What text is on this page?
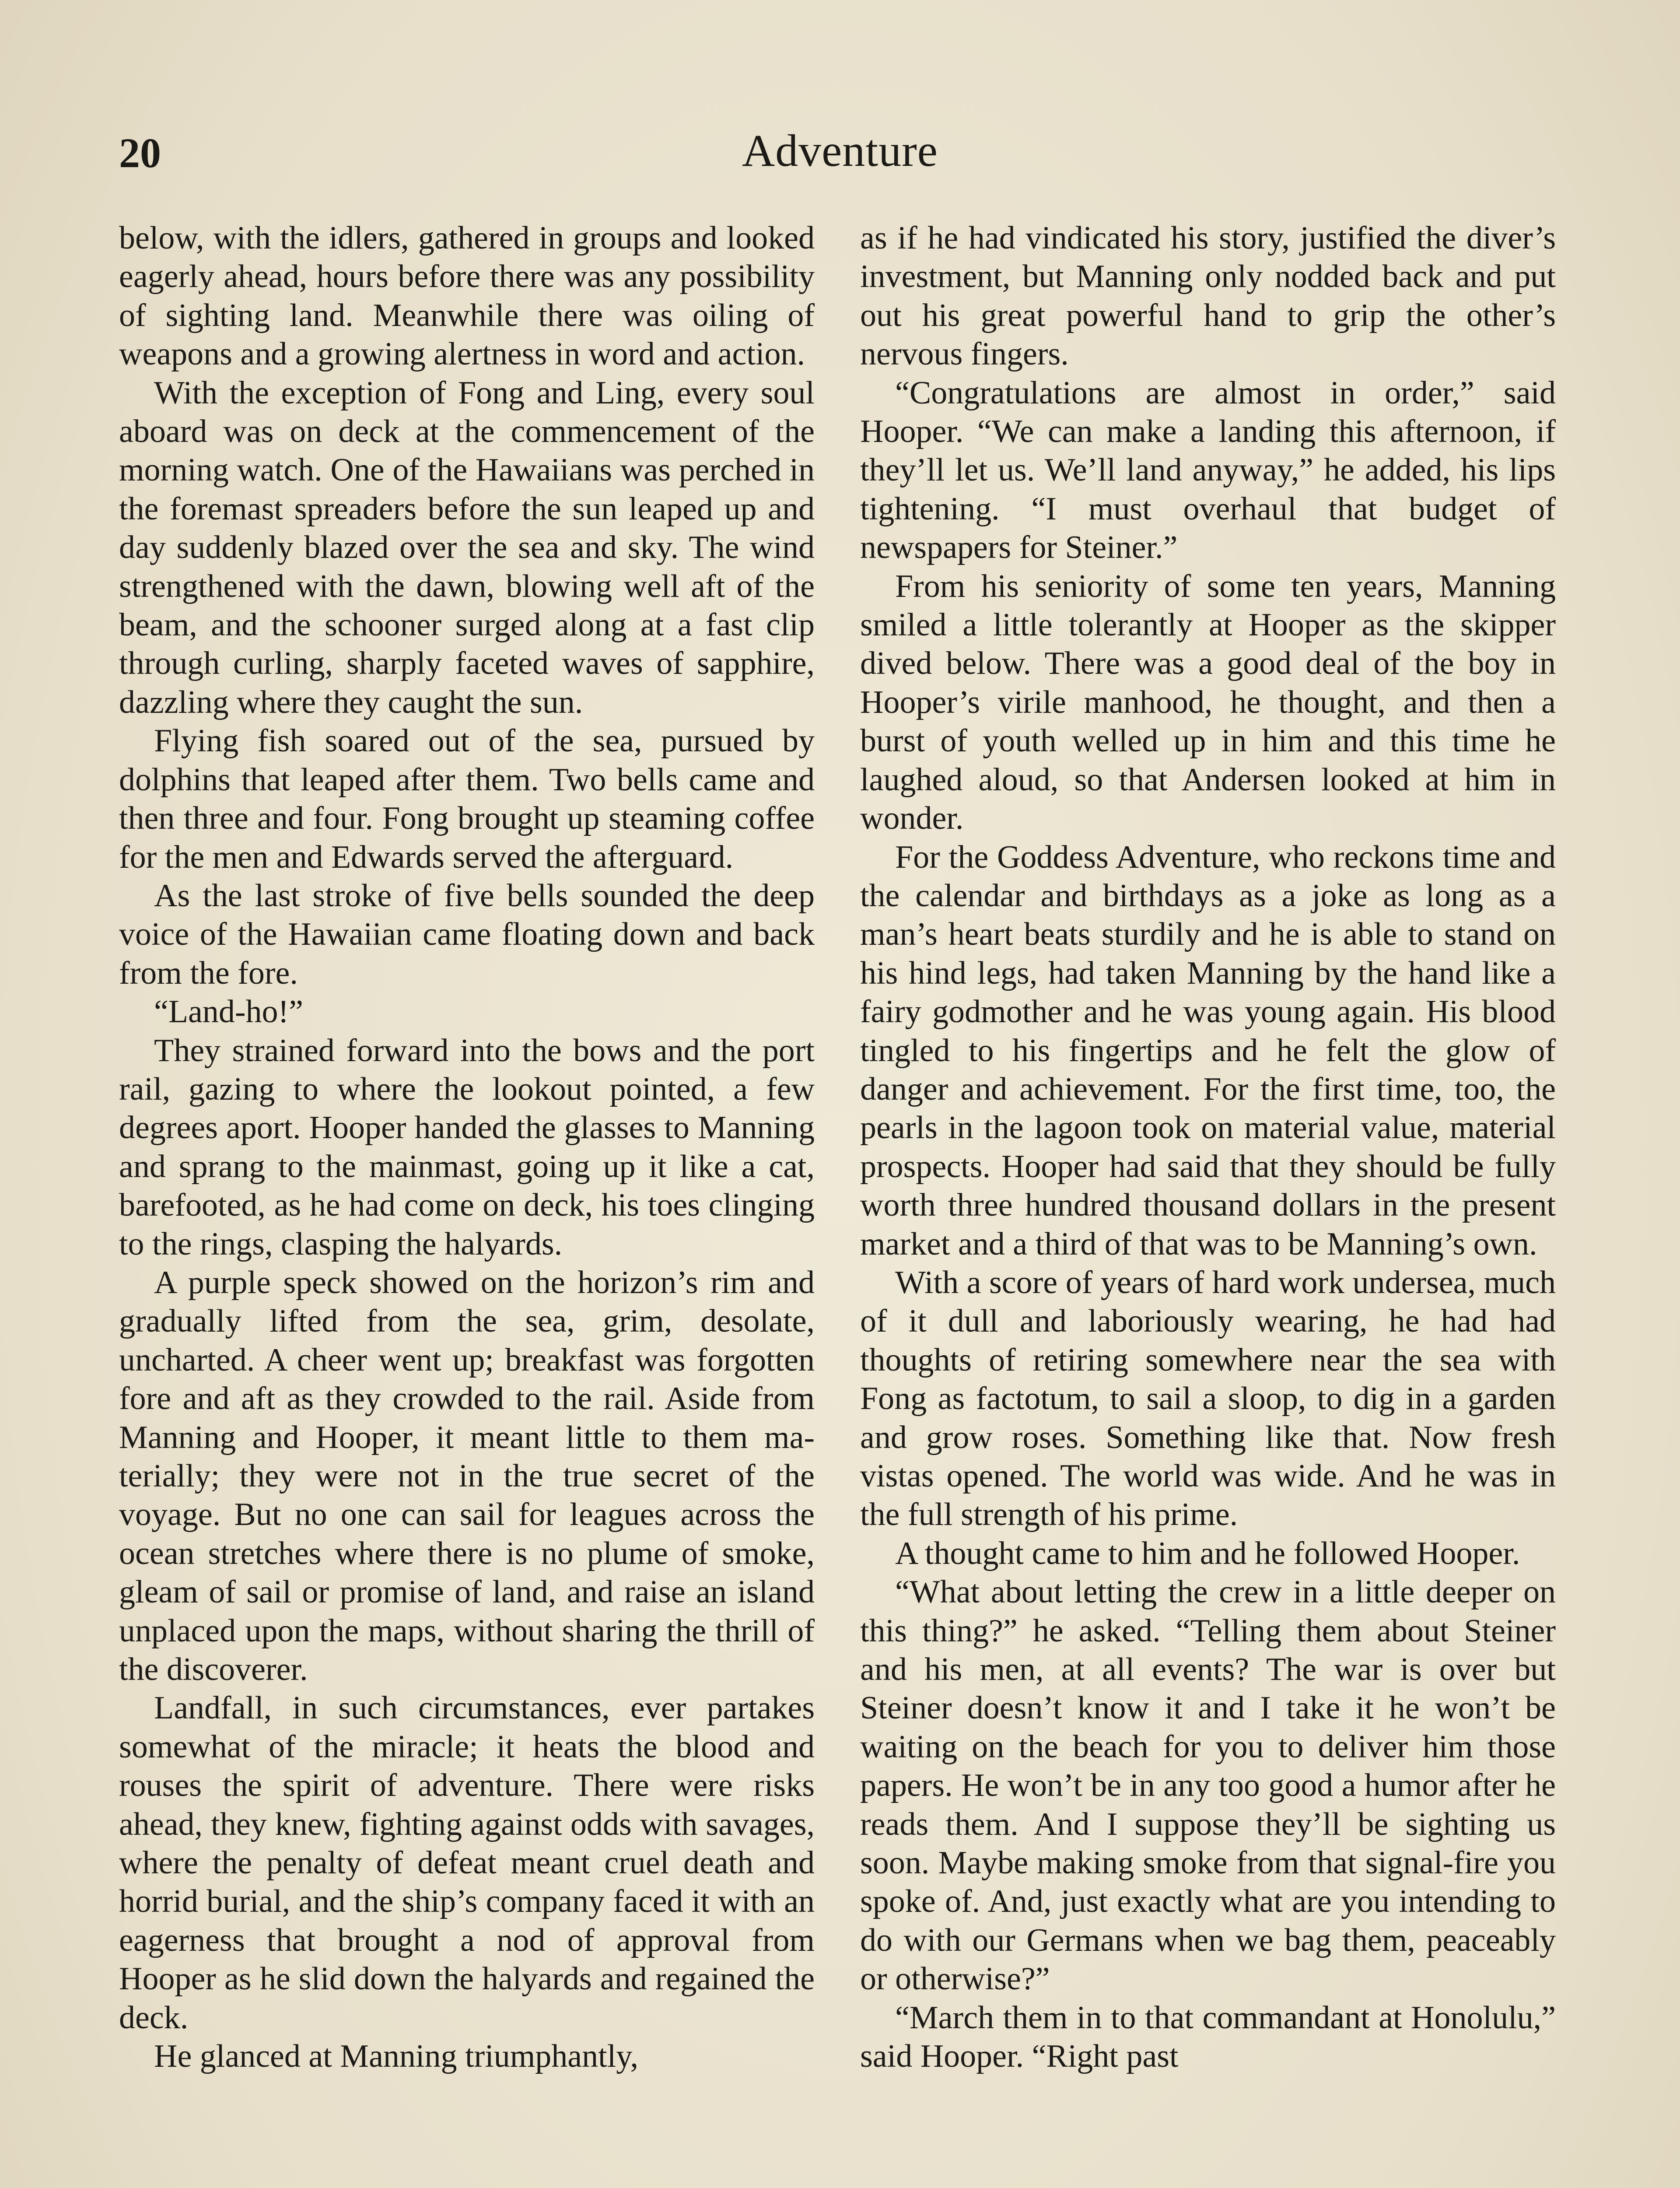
20	Adventure

below, with the idlers, gathered in groups and looked eagerly ahead, hours before there was any possibility of sighting land. Meanwhile there was oiling of weapons and a growing alertness in word and action.

With the exception of Fong and Ling, every soul aboard was on deck at the commencement of the morning watch. One of the Hawaiians was perched in the foremast spreaders before the sun leaped up and day suddenly blazed over the sea and sky. The wind strengthened with the dawn, blowing well aft of the beam, and the schooner surged along at a fast clip through curling, sharply faceted waves of sapphire, dazzling where they caught the sun.

Flying fish soared out of the sea, pursued by dolphins that leaped after them. Two bells came and then three and four. Fong brought up steaming coffee for the men and Edwards served the afterguard.

As the last stroke of five bells sounded the deep voice of the Hawaiian came floating down and back from the fore.

“Land-ho!”

They strained forward into the bows and the port rail, gazing to where the lookout pointed, a few degrees aport. Hooper handed the glasses to Manning and sprang to the mainmast, going up it like a cat, barefooted, as he had come on deck, his toes clinging to the rings, clasping the halyards.

A purple speck showed on the horizon’s rim and gradually lifted from the sea, grim, desolate, uncharted. A cheer went up; breakfast was forgotten fore and aft as they crowded to the rail. Aside from Manning and Hooper, it meant little to them materially; they were not in the true secret of the voyage. But no one can sail for leagues across the ocean stretches where there is no plume of smoke, gleam of sail or promise of land, and raise an island unplaced upon the maps, without sharing the thrill of the discoverer.

Landfall, in such circumstances, ever partakes somewhat of the miracle; it heats the blood and rouses the spirit of adventure. There were risks ahead, they knew, fighting against odds with savages, where the penalty of defeat meant cruel death and horrid burial, and the ship’s company faced it with an eagerness that brought a nod of approval from Hooper as he slid down the halyards and regained the deck.

He glanced at Manning triumphantly,

as if he had vindicated his story, justified the diver’s investment, but Manning only nodded back and put out his great powerful hand to grip the other’s nervous fingers.

“Congratulations are almost in order,” said Hooper. “We can make a landing this afternoon, if they’ll let us. We’ll land anyway,” he added, his lips tightening. “I must overhaul that budget of newspapers for Steiner.”

From his seniority of some ten years, Manning smiled a little tolerantly at Hooper as the skipper dived below. There was a good deal of the boy in Hooper’s virile manhood, he thought, and then a burst of youth welled up in him and this time he laughed aloud, so that Andersen looked at him in wonder.

For the Goddess Adventure, who reckons time and the calendar and birthdays as a joke as long as a man’s heart beats sturdily and he is able to stand on his hind legs, had taken Manning by the hand like a fairy godmother and he was young again. His blood tingled to his fingertips and he felt the glow of danger and achievement. For the first time, too, the pearls in the lagoon took on material value, material prospects. Hooper had said that they should be fully worth three hundred thousand dollars in the present market and a third of that was to be Manning’s own.

With a score of years of hard work undersea, much of it dull and laboriously wearing, he had had thoughts of retiring somewhere near the sea with Fong as factotum, to sail a sloop, to dig in a garden and grow roses. Something like that. Now fresh vistas opened. The world was wide. And he was in the full strength of his prime.

A thought came to him and he followed Hooper.

“What about letting the crew in a little deeper on this thing?” he asked. “Telling them about Steiner and his men, at all events? The war is over but Steiner doesn’t know it and I take it he won’t be waiting on the beach for you to deliver him those papers. He won’t be in any too good a humor after he reads them. And I suppose they’ll be sighting us soon. Maybe making smoke from that signal-fire you spoke of. And, just exactly what are you intending to do with our Germans when we bag them, peaceably or otherwise?”

“March them in to that commandant at Honolulu,” said Hooper. “Right past
